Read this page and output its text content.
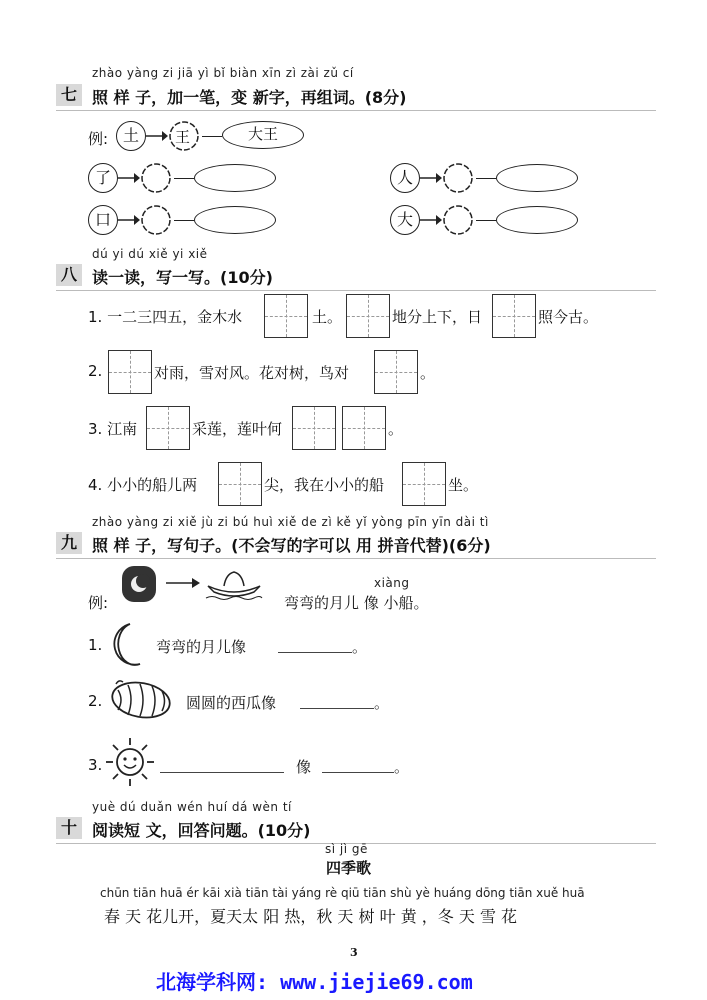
zhào yàng zi jiā yì bǐ biàn xīn zì zài zǔ cí
七 照 样 子，加一笔，变 新字，再组词。(8分)
例: 土	王	大王
了	人
口	大
dú yi dú xiě yi xiě
八 读一读，写一写。(10分)
1. 一二三四五，金木水	土。	地分上下，日	照今古。
2.	对雨，雪对风。花对树，鸟对	。
3. 江南	采莲，莲叶何	。
4. 小小的船儿两	尖，我在小小的船	坐。
zhào yàng zi xiě jù zi bú huì xiě de zì kě yǐ yòng pīn yīn dài tì
九 照 样 子，写句子。(不会写的字可以 用 拼音代替)(6分)
例:
xiàng
弯弯的月儿 像 小船。
1.	弯弯的月儿像	。
2.	圆圆的西瓜像	。
3.	像	。
yuè dú duǎn wén huí dá wèn tí
十 阅读短 文，回答问题。(10分)
sì jì gē
四季歌
chūn tiān huā ér kāi xià tiān tài yáng rè qiū tiān shù yè huáng dōng tiān xuě huā
春 天 花儿开，夏天太 阳 热，秋 天 树 叶 黄 ，冬 天 雪 花
3
北海学科网: www.jiejie69.com
